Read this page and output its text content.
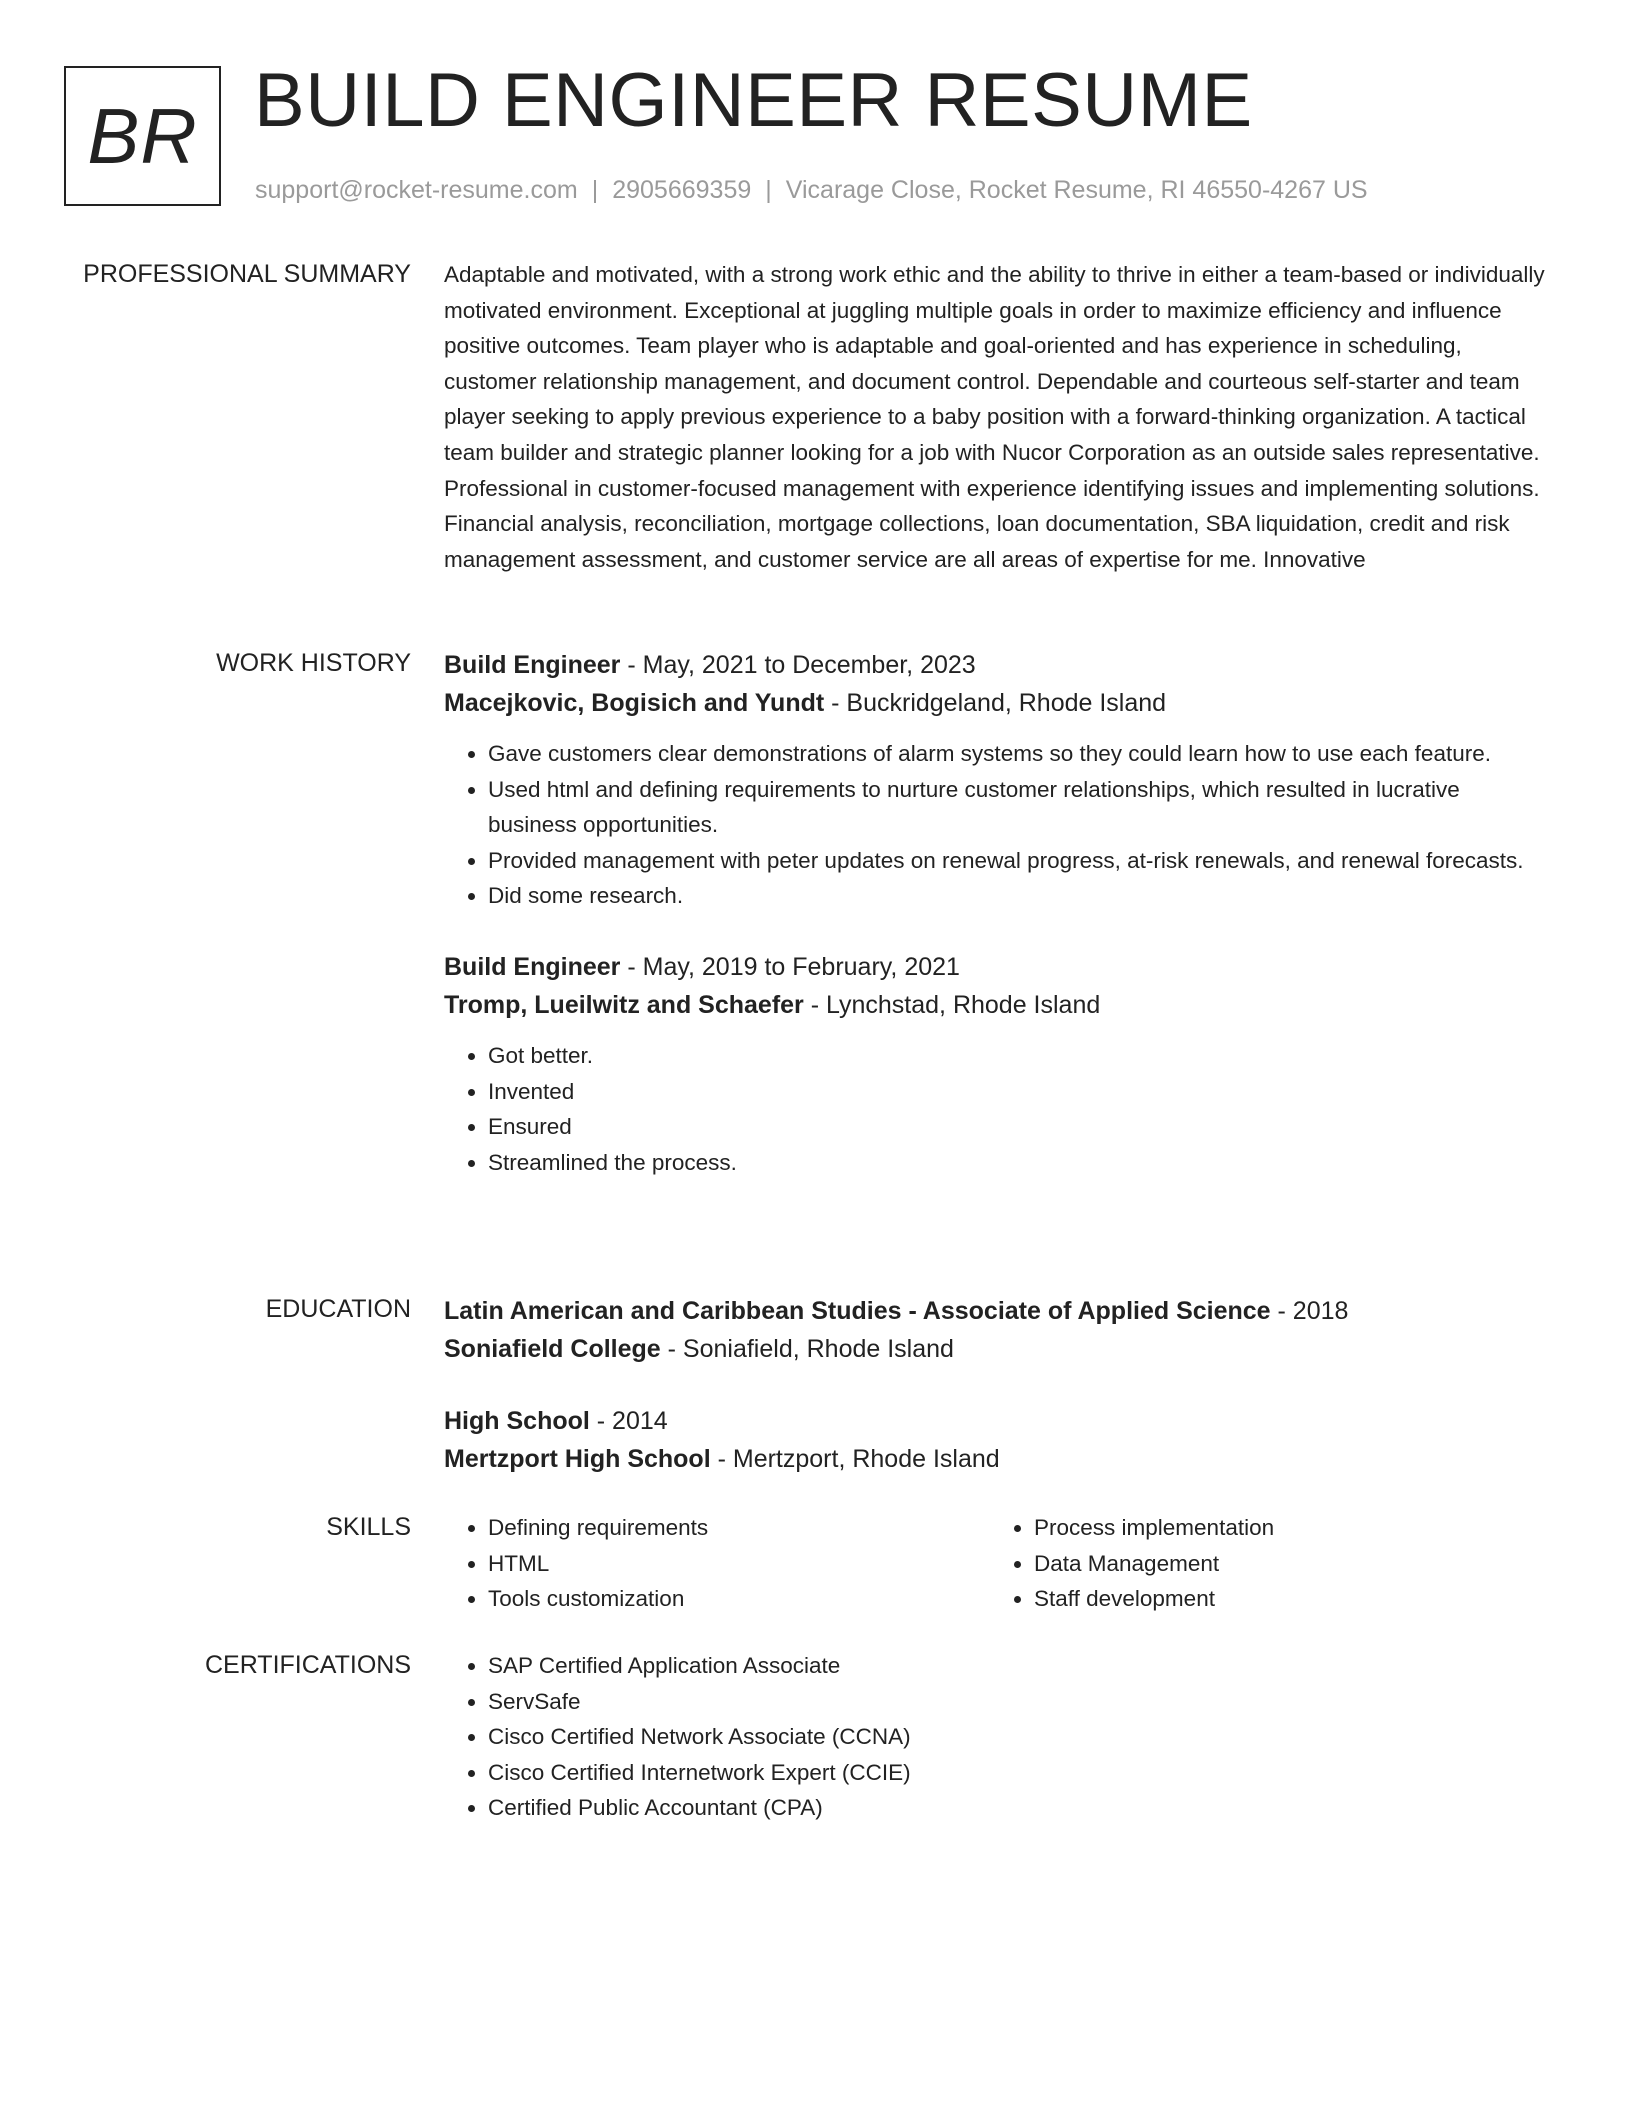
BR BUILD ENGINEER RESUME
support@rocket-resume.com | 2905669359 | Vicarage Close, Rocket Resume, RI 46550-4267 US
PROFESSIONAL SUMMARY Adaptable and motivated, with a strong work ethic and the ability to thrive in either a team-based or individually motivated environment. Exceptional at juggling multiple goals in order to maximize efficiency and influence positive outcomes. Team player who is adaptable and goal-oriented and has experience in scheduling, customer relationship management, and document control. Dependable and courteous self-starter and team player seeking to apply previous experience to a baby position with a forward-thinking organization. A tactical team builder and strategic planner looking for a job with Nucor Corporation as an outside sales representative. Professional in customer-focused management with experience identifying issues and implementing solutions. Financial analysis, reconciliation, mortgage collections, loan documentation, SBA liquidation, credit and risk management assessment, and customer service are all areas of expertise for me. Innovative

WORK HISTORY Build Engineer - May, 2021 to December, 2023
Macejkovic, Bogisich and Yundt - Buckridgeland, Rhode Island
• Gave customers clear demonstrations of alarm systems so they could learn how to use each feature.
• Used html and defining requirements to nurture customer relationships, which resulted in lucrative business opportunities.
• Provided management with peter updates on renewal progress, at-risk renewals, and renewal forecasts.
• Did some research.
Build Engineer - May, 2019 to February, 2021
Tromp, Lueilwitz and Schaefer - Lynchstad, Rhode Island
• Got better.
• Invented
• Ensured
• Streamlined the process.
EDUCATION Latin American and Caribbean Studies - Associate of Applied Science - 2018
Soniafield College - Soniafield, Rhode Island
High School - 2014
Mertzport High School - Mertzport, Rhode Island
SKILLS	• Defining requirements
• HTML
• Tools customization
• Process implementation
• Data Management
• Staff development
CERTIFICATIONS	• SAP Certified Application Associate
• ServSafe
• Cisco Certified Network Associate (CCNA)
• Cisco Certified Internetwork Expert (CCIE)
• Certified Public Accountant (CPA)
